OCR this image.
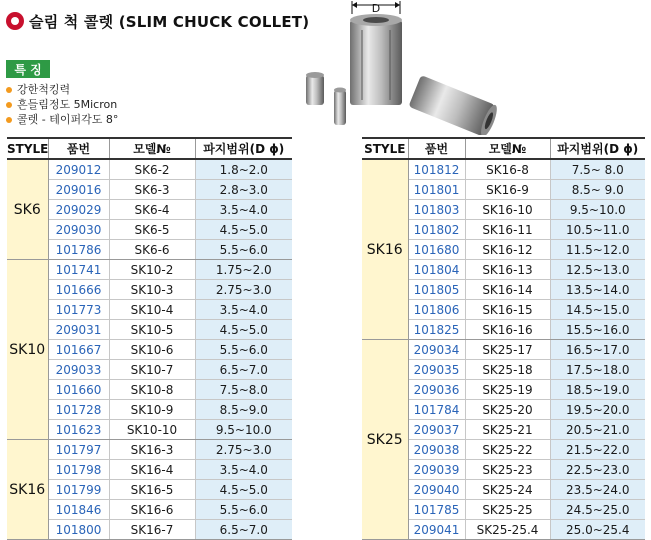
슬림 척 콜렛 (SLIM CHUCK COLLET)
특 징
강한척킹력
흔들림정도 5Micron
콜렛 - 테이퍼각도 8°
D
STYLE	품번	모델№	파지범위(D ϕ)
SK6	209012	SK6-2	1.8~2.0
	209016	SK6-3	2.8~3.0
	209029	SK6-4	3.5~4.0
	209030	SK6-5	4.5~5.0
	101786	SK6-6	5.5~6.0
SK10	101741	SK10-2	1.75~2.0
	101666	SK10-3	2.75~3.0
	101773	SK10-4	3.5~4.0
	209031	SK10-5	4.5~5.0
	101667	SK10-6	5.5~6.0
	209033	SK10-7	6.5~7.0
	101660	SK10-8	7.5~8.0
	101728	SK10-9	8.5~9.0
	101623	SK10-10	9.5~10.0
SK16	101797	SK16-3	2.75~3.0
	101798	SK16-4	3.5~4.0
	101799	SK16-5	4.5~5.0
	101846	SK16-6	5.5~6.0
	101800	SK16-7	6.5~7.0
STYLE	품번	모델№	파지범위(D ϕ)
SK16	101812	SK16-8	7.5~ 8.0
	101801	SK16-9	8.5~ 9.0
	101803	SK16-10	9.5~10.0
	101802	SK16-11	10.5~11.0
	101680	SK16-12	11.5~12.0
	101804	SK16-13	12.5~13.0
	101805	SK16-14	13.5~14.0
	101806	SK16-15	14.5~15.0
	101825	SK16-16	15.5~16.0
SK25	209034	SK25-17	16.5~17.0
	209035	SK25-18	17.5~18.0
	209036	SK25-19	18.5~19.0
	101784	SK25-20	19.5~20.0
	209037	SK25-21	20.5~21.0
	209038	SK25-22	21.5~22.0
	209039	SK25-23	22.5~23.0
	209040	SK25-24	23.5~24.0
	101785	SK25-25	24.5~25.0
	209041	SK25-25.4	25.0~25.4
